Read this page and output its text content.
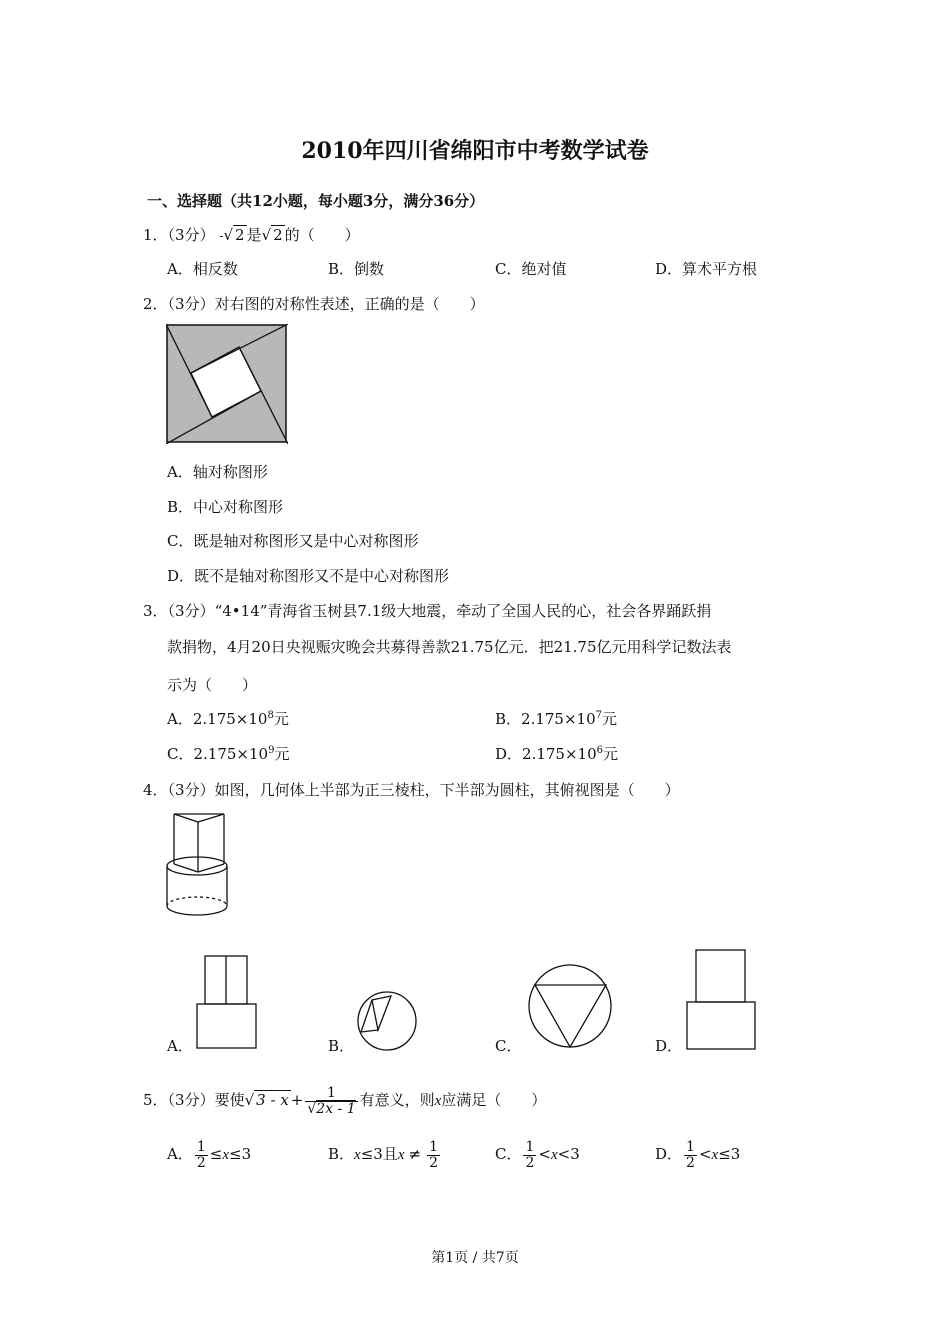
2010年四川省绵阳市中考数学试卷
一、选择题（共12小题，每小题3分，满分36分）
1．（3分） -√ 2 是√ 2 的（　　）
A．相反数	B．倒数	C．绝对值	D．算术平方根
2．（3分）对右图的对称性表述，正确的是（　　）
A．轴对称图形
B．中心对称图形
C．既是轴对称图形又是中心对称图形
D．既不是轴对称图形又不是中心对称图形
3．（3分）“4•14”青海省玉树县7.1级大地震，牵动了全国人民的心，社会各界踊跃捐
款捐物，4月20日央视赈灾晚会共募得善款21.75亿元．把21.75亿元用科学记数法表
示为（　　）
A．$2.175\times 10^8$元	B．$2.175\times 10^7$元
C．$2.175\times 10^9$元	D．$2.175\times 10^6$元
4．（3分）如图，几何体上半部为正三棱柱，下半部为圆柱，其俯视图是（　　）
A．	B．	C．	D．
5．（3分）要使√ $3 - x + \frac{1}{√2x - 1}$ 有意义，则x应满足（　　）
A． $\frac{1}{2} \le x\le 3$	B．x≤3且$x \ne \frac{1}{2}$	C． $\frac{1}{2} <x<3$	D． $\frac{1}{2} <x\le 3$
第1页 / 共7页
